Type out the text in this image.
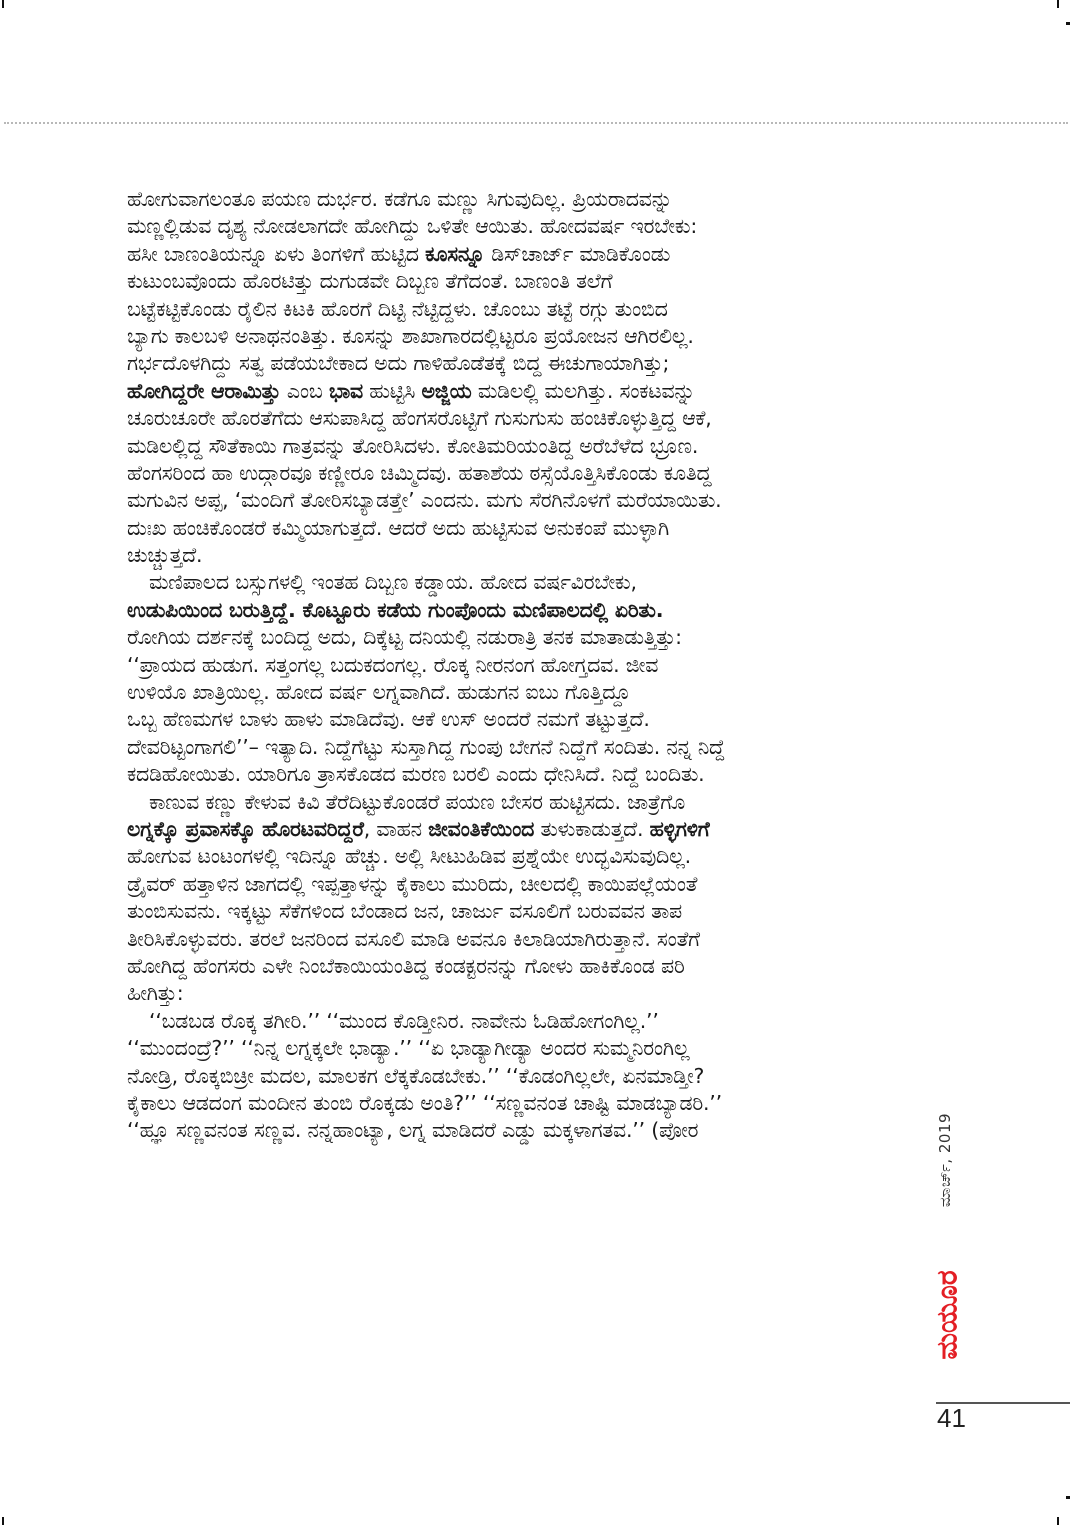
ಹೋಗುವಾಗಲಂತೂ ಪಯಣ ದುರ್ಭರ. ಕಡೆಗೂ ಮಣ್ಣು ಸಿಗುವುದಿಲ್ಲ. ಪ್ರಿಯರಾದವನ್ನು
ಮಣ್ಣಲ್ಲಿಡುವ ದೃಶ್ಯ ನೋಡಲಾಗದೇ ಹೋಗಿದ್ದು ಒಳಿತೇ ಆಯಿತು. ಹೋದವರ್ಷ ಇರಬೇಕು:
ಹಸೀ ಬಾಣಂತಿಯನ್ನೂ ಏಳು ತಿಂಗಳಿಗೆ ಹುಟ್ಟಿದ ಕೂಸನ್ನೂ ಡಿಸ್‌ಚಾರ್ಜ್ ಮಾಡಿಕೊಂಡು
ಕುಟುಂಬವೊಂದು ಹೊರಟಿತ್ತು ದುಗುಡವೇ ದಿಬ್ಬಣ ತೆಗೆದಂತೆ. ಬಾಣಂತಿ ತಲೆಗೆ
ಬಟ್ಟೆಕಟ್ಟಿಕೊಂಡು ರೈಲಿನ ಕಿಟಕಿ ಹೊರಗೆ ದಿಟ್ಟಿ ನೆಟ್ಟಿದ್ದಳು. ಚೊಂಬು ತಟ್ಟೆ ರಗ್ಗು ತುಂಬಿದ
ಬ್ಯಾಗು ಕಾಲಬಳಿ ಅನಾಥನಂತಿತ್ತು. ಕೂಸನ್ನು ಶಾಖಾಗಾರದಲ್ಲಿಟ್ಟರೂ ಪ್ರಯೋಜನ ಆಗಿರಲಿಲ್ಲ.
ಗರ್ಭದೊಳಗಿದ್ದು ಸತ್ವ ಪಡೆಯಬೇಕಾದ ಅದು ಗಾಳಿಹೊಡೆತಕ್ಕೆ ಬಿದ್ದ ಈಚುಗಾಯಾಗಿತ್ತು;
ಹೋಗಿದ್ದರೇ ಆರಾಮಿತ್ತು ಎಂಬ ಭಾವ ಹುಟ್ಟಿಸಿ ಅಜ್ಜಿಯ ಮಡಿಲಲ್ಲಿ ಮಲಗಿತ್ತು. ಸಂಕಟವನ್ನು
ಚೂರುಚೂರೇ ಹೊರತೆಗೆದು ಆಸುಪಾಸಿದ್ದ ಹೆಂಗಸರೊಟ್ಟಿಗೆ ಗುಸುಗುಸು ಹಂಚಿಕೊಳ್ಳುತ್ತಿದ್ದ ಆಕೆ,
ಮಡಿಲಲ್ಲಿದ್ದ ಸೌತೆಕಾಯಿ ಗಾತ್ರವನ್ನು ತೋರಿಸಿದಳು. ಕೋತಿಮರಿಯಂತಿದ್ದ ಅರೆಬೆಳೆದ ಭ್ರೂಣ.
ಹೆಂಗಸರಿಂದ ಹಾ ಉದ್ಗಾರವೂ ಕಣ್ಣೀರೂ ಚಿಮ್ಮಿದವು. ಹತಾಶೆಯ ಠಸ್ಸೆಯೊತ್ತಿಸಿಕೊಂಡು ಕೂತಿದ್ದ
ಮಗುವಿನ ಅಪ್ಪ, ‘ಮಂದಿಗೆ ತೋರಿಸಬ್ಯಾಡತ್ತೇ’ ಎಂದನು. ಮಗು ಸೆರಗಿನೊಳಗೆ ಮರೆಯಾಯಿತು.
ದುಃಖ ಹಂಚಿಕೊಂಡರೆ ಕಮ್ಮಿಯಾಗುತ್ತದೆ. ಆದರೆ ಅದು ಹುಟ್ಟಿಸುವ ಅನುಕಂಪೆ ಮುಳ್ಳಾಗಿ
ಚುಚ್ಚುತ್ತದೆ.
ಮಣಿಪಾಲದ ಬಸ್ಸುಗಳಲ್ಲಿ ಇಂತಹ ದಿಬ್ಬಣ ಕಡ್ಡಾಯ. ಹೋದ ವರ್ಷವಿರಬೇಕು,
ಉಡುಪಿಯಿಂದ ಬರುತ್ತಿದ್ದೆ. ಕೊಟ್ಟೂರು ಕಡೆಯ ಗುಂಪೊಂದು ಮಣಿಪಾಲದಲ್ಲಿ ಏರಿತು.
ರೋಗಿಯ ದರ್ಶನಕ್ಕೆ ಬಂದಿದ್ದ ಅದು, ದಿಕ್ಕೆಟ್ಟ ದನಿಯಲ್ಲಿ ನಡುರಾತ್ರಿ ತನಕ ಮಾತಾಡುತ್ತಿತ್ತು:
‘‘ಪ್ರಾಯದ ಹುಡುಗ. ಸತ್ತಂಗಲ್ಲ ಬದುಕದಂಗಲ್ಲ. ರೊಕ್ಕ ನೀರನಂಗ ಹೋಗ್ತದವ. ಜೀವ
ಉಳಿಯೊ ಖಾತ್ರಿಯಿಲ್ಲ. ಹೋದ ವರ್ಷ ಲಗ್ನವಾಗಿದೆ. ಹುಡುಗನ ಐಬು ಗೊತ್ತಿದ್ದೂ
ಒಬ್ಬ ಹೆಣಮಗಳ ಬಾಳು ಹಾಳು ಮಾಡಿದೆವು. ಆಕೆ ಉಸ್ ಅಂದರೆ ನಮಗೆ ತಟ್ಟುತ್ತದೆ.
ದೇವರಿಟ್ಟಂಗಾಗಲಿ’’– ಇತ್ಯಾದಿ. ನಿದ್ದೆಗೆಟ್ಟು ಸುಸ್ತಾಗಿದ್ದ ಗುಂಪು ಬೇಗನೆ ನಿದ್ದೆಗೆ ಸಂದಿತು. ನನ್ನ ನಿದ್ದೆ
ಕದಡಿಹೋಯಿತು. ಯಾರಿಗೂ ತ್ರಾಸಕೊಡದ ಮರಣ ಬರಲಿ ಎಂದು ಧೇನಿಸಿದೆ. ನಿದ್ದೆ ಬಂದಿತು.
ಕಾಣುವ ಕಣ್ಣು ಕೇಳುವ ಕಿವಿ ತೆರೆದಿಟ್ಟುಕೊಂಡರೆ ಪಯಣ ಬೇಸರ ಹುಟ್ಟಿಸದು. ಜಾತ್ರೆಗೊ
ಲಗ್ನಕ್ಕೊ ಪ್ರವಾಸಕ್ಕೊ ಹೊರಟವರಿದ್ದರೆ, ವಾಹನ ಜೀವಂತಿಕೆಯಿಂದ ತುಳುಕಾಡುತ್ತದೆ. ಹಳ್ಳಿಗಳಿಗೆ
ಹೋಗುವ ಟಂಟಂಗಳಲ್ಲಿ ಇದಿನ್ನೂ ಹೆಚ್ಚು. ಅಲ್ಲಿ ಸೀಟುಹಿಡಿವ ಪ್ರಶ್ನೆಯೇ ಉದ್ಭವಿಸುವುದಿಲ್ಲ.
ಡ್ರೈವರ್ ಹತ್ತಾಳಿನ ಜಾಗದಲ್ಲಿ ಇಪ್ಪತ್ತಾಳನ್ನು ಕೈಕಾಲು ಮುರಿದು, ಚೀಲದಲ್ಲಿ ಕಾಯಿಪಲ್ಲೆಯಂತೆ
ತುಂಬಿಸುವನು. ಇಕ್ಕಟ್ಟು ಸೆಕೆಗಳಿಂದ ಬೆಂಡಾದ ಜನ, ಚಾರ್ಜು ವಸೂಲಿಗೆ ಬರುವವನ ತಾಪ
ತೀರಿಸಿಕೊಳ್ಳುವರು. ತರಲೆ ಜನರಿಂದ ವಸೂಲಿ ಮಾಡಿ ಅವನೂ ಕಿಲಾಡಿಯಾಗಿರುತ್ತಾನೆ. ಸಂತೆಗೆ
ಹೋಗಿದ್ದ ಹೆಂಗಸರು ಎಳೇ ನಿಂಬೆಕಾಯಿಯಂತಿದ್ದ ಕಂಡಕ್ಟರನನ್ನು ಗೋಳು ಹಾಕಿಕೊಂಡ ಪರಿ
ಹೀಗಿತ್ತು:
‘‘ಬಡಬಡ ರೊಕ್ಕ ತಗೀರಿ.’’ ‘‘ಮುಂದ ಕೊಡ್ತೀನಿರ. ನಾವೇನು ಓಡಿಹೋಗಂಗಿಲ್ಲ.’’
‘‘ಮುಂದಂದ್ರೆ?’’ ‘‘ನಿನ್ನ ಲಗ್ನಕ್ಕಲೇ ಭಾಡ್ಯಾ.’’ ‘‘ಏ ಭಾಡ್ಯಾಗೀಡ್ಯಾ ಅಂದರ ಸುಮ್ಮನಿರಂಗಿಲ್ಲ
ನೋಡ್ರಿ, ರೊಕ್ಕಬಿಚ್ರೀ ಮದಲ, ಮಾಲಕಗ ಲೆಕ್ಕಕೊಡಬೇಕು.’’ ‘‘ಕೊಡಂಗಿಲ್ಲಲೇ, ಏನಮಾಡ್ತೀ?
ಕೈಕಾಲು ಆಡದಂಗ ಮಂದೀನ ತುಂಬಿ ರೊಕ್ಕಡು ಅಂತಿ?’’ ‘‘ಸಣ್ಣವನಂತ ಚಾಷ್ಟಿ ಮಾಡಬ್ಯಾಡರಿ.’’
‘‘ಹ್ಞೂ ಸಣ್ಣವನಂತ ಸಣ್ಣವ. ನನ್ನಹಾಂಟ್ಯಾ, ಲಗ್ನ ಮಾಡಿದರೆ ಎಡ್ಡು ಮಕ್ಕಳಾಗತವ.’’ (ಪೋರ	ಮಾರ್ಚ್, 2019
ಮಯೂರ
41
